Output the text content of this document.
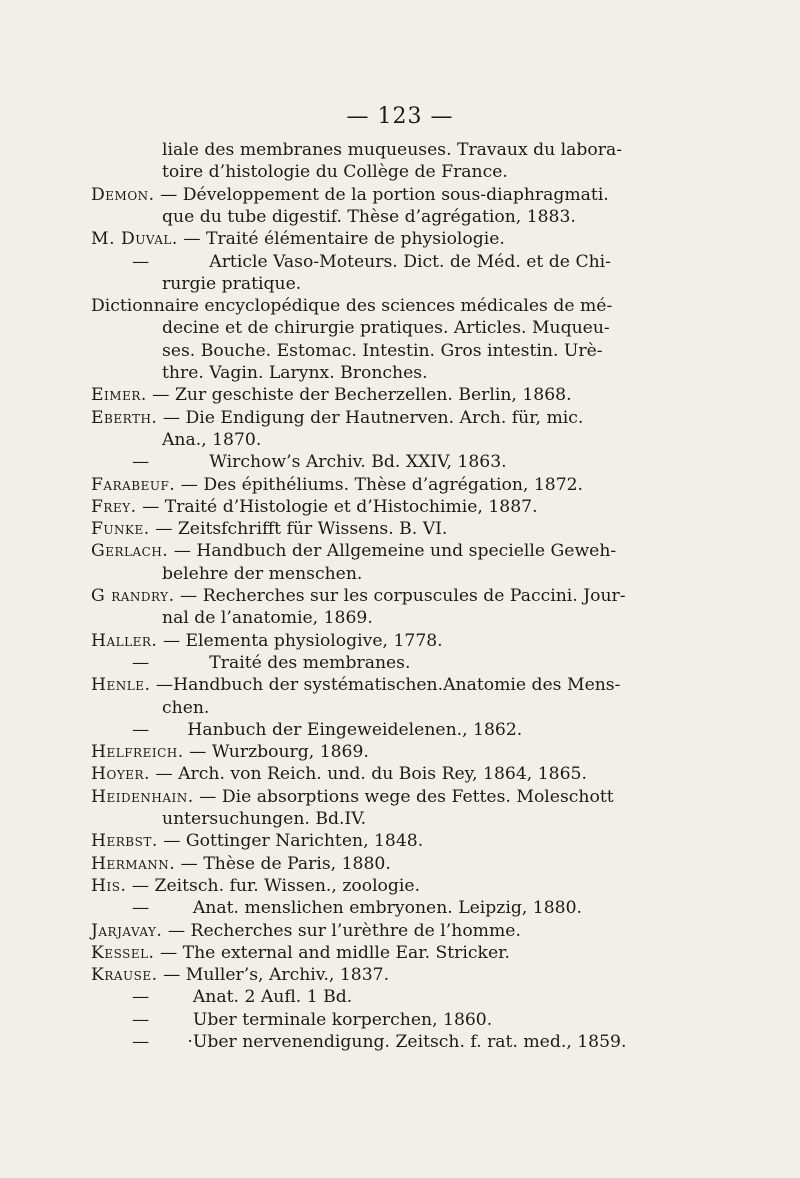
— 123 —
liale des membranes muqueuses. Travaux du labora-
toire d’histologie du Collège de France.
Demon. — Développement de la portion sous-diaphragmati.
que du tube digestif. Thèse d’agrégation, 1883.
M. Duval. — Traité élémentaire de physiologie.
—           Article Vaso-Moteurs. Dict. de Méd. et de Chi-
rurgie pratique.
Dictionnaire encyclopédique des sciences médicales de mé-
decine et de chirurgie pratiques. Articles. Muqueu-
ses. Bouche. Estomac. Intestin. Gros intestin. Urè-
thre. Vagin. Larynx. Bronches.
Eimer. — Zur geschiste der Becherzellen. Berlin, 1868.
Eberth. — Die Endigung der Hautnerven. Arch. für, mic.
Ana., 1870.
—           Wirchow’s Archiv. Bd. XXIV, 1863.
Farabeuf. — Des épithéliums. Thèse d’agrégation, 1872.
Frey. — Traité d’Histologie et d’Histochimie, 1887.
Funke. — Zeitsfchrifft für Wissens. B. VI.
Gerlach. — Handbuch der Allgemeine und specielle Geweh-
belehre der menschen.
G randry. — Recherches sur les corpuscules de Paccini. Jour-
nal de l’anatomie, 1869.
Haller. — Elementa physiologive, 1778.
—           Traité des membranes.
Henle. —Handbuch der systématischen.Anatomie des Mens-
chen.
—       Hanbuch der Eingeweidelenen., 1862.
Helfreich. — Wurzbourg, 1869.
Hoyer. — Arch. von Reich. und. du Bois Rey, 1864, 1865.
Heidenhain. — Die absorptions wege des Fettes. Moleschott
untersuchungen. Bd.IV.
Herbst. — Gottinger Narichten, 1848.
Hermann. — Thèse de Paris, 1880.
His. — Zeitsch. fur. Wissen., zoologie.
—        Anat. menslichen embryonen. Leipzig, 1880.
Jarjavay. — Recherches sur l’urèthre de l’homme.
Kessel. — The external and midlle Ear. Stricker.
Krause. — Muller’s, Archiv., 1837.
—        Anat. 2 Aufl. 1 Bd.
—        Uber terminale korperchen, 1860.
—       ·Uber nervenendigung. Zeitsch. f. rat. med., 1859.
